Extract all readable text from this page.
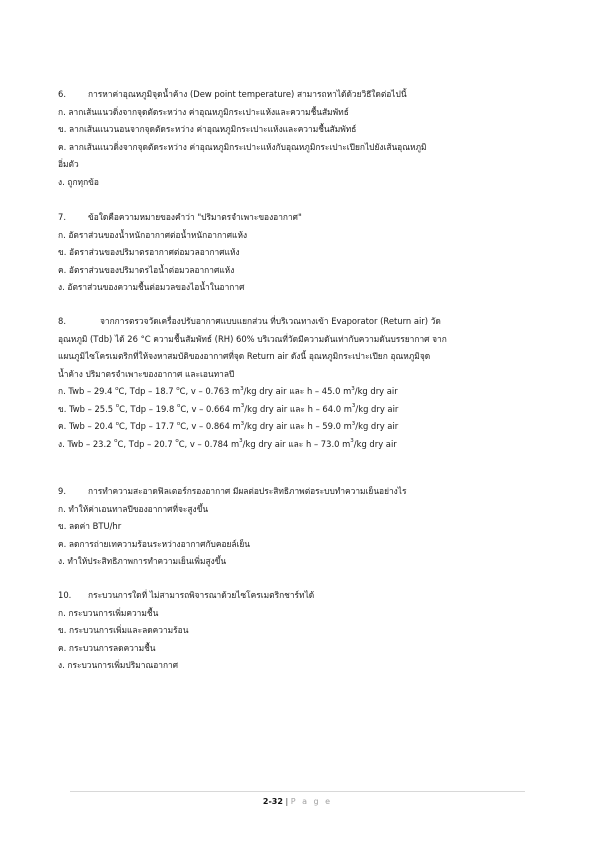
6.	การหาค่าอุณหภูมิจุดน้ำค้าง (Dew point temperature) สามารถหาได้ด้วยวิธีใดต่อไปนี้
ก. ลากเส้นแนวดิ่งจากจุดตัดระหว่าง ค่าอุณหภูมิกระเปาะแห้งและความชื้นสัมพัทธ์
ข. ลากเส้นแนวนอนจากจุดตัดระหว่าง ค่าอุณหภูมิกระเปาะแห้งและความชื้นสัมพัทธ์
ค. ลากเส้นแนวดิ่งจากจุดตัดระหว่าง ค่าอุณหภูมิกระเปาะแห้งกับอุณหภูมิกระเปาะเปียกไปยังเส้นอุณหภูมิ
อิ่มตัว
ง. ถูกทุกข้อ
7.	ข้อใดคือความหมายของคำว่า "ปริมาตรจำเพาะของอากาศ"
ก. อัตราส่วนของน้ำหนักอากาศต่อน้ำหนักอากาศแห้ง
ข. อัตราส่วนของปริมาตรอากาศต่อมวลอากาศแห้ง
ค. อัตราส่วนของปริมาตรไอน้ำต่อมวลอากาศแห้ง
ง. อัตราส่วนของความชื้นต่อมวลของไอน้ำในอากาศ
8.	จากการตรวจวัดเครื่องปรับอากาศแบบแยกส่วน ที่บริเวณทางเข้า Evaporator (Return air) วัด
อุณหภูมิ (Tdb) ได้ 26 °C ความชื้นสัมพัทธ์ (RH) 60% บริเวณที่วัดมีความดันเท่ากับความดันบรรยากาศ จาก
แผนภูมิไซโครเมตริกที่ให้จงหาสมบัติของอากาศที่จุด Return air ดังนี้ อุณหภูมิกระเปาะเปียก อุณหภูมิจุด
น้ำค้าง ปริมาตรจำเพาะของอากาศ และเอนทาลปี
ก. Twb – 29.4 $^o$C, Tdp – 18.7 $^o$C, v – 0.763 $m^3/kg$ dry air และ h – 45.0 $m^3/kg$ dry air
ข. Twb – 25.5 $^o$C, Tdp – 19.8 $^o$C, v – 0.664 $m^3/kg$ dry air และ h – 64.0 $m^3/kg$ dry air
ค. Twb – 20.4 $^o$C, Tdp – 17.7 $^o$C, v – 0.864 $m^3/kg$ dry air และ h – 59.0 $m^3/kg$ dry air
ง. Twb – 23.2 $^o$C, Tdp – 20.7 $^o$C, v – 0.784 $m^3/kg$ dry air และ h – 73.0 $m^3/kg$ dry air
9.	การทำความสะอาดฟิลเตอร์กรองอากาศ มีผลต่อประสิทธิภาพต่อระบบทำความเย็นอย่างไร
ก. ทำให้ค่าเอนทาลปีของอากาศที่จะสูงขึ้น
ข. ลดค่า BTU/hr
ค. ลดการถ่ายเทความร้อนระหว่างอากาศกับคอยล์เย็น
ง. ทำให้ประสิทธิภาพการทำความเย็นเพิ่มสูงขึ้น
10. กระบวนการใดที่ ไม่สามารถพิจารณาด้วยไซโครเมตริกชาร์ทได้
ก. กระบวนการเพิ่มความชื้น
ข. กระบวนการเพิ่มและลดความร้อน
ค. กระบวนการลดความชื้น
ง. กระบวนการเพิ่มปริมาณอากาศ
2-32 | P a g e
